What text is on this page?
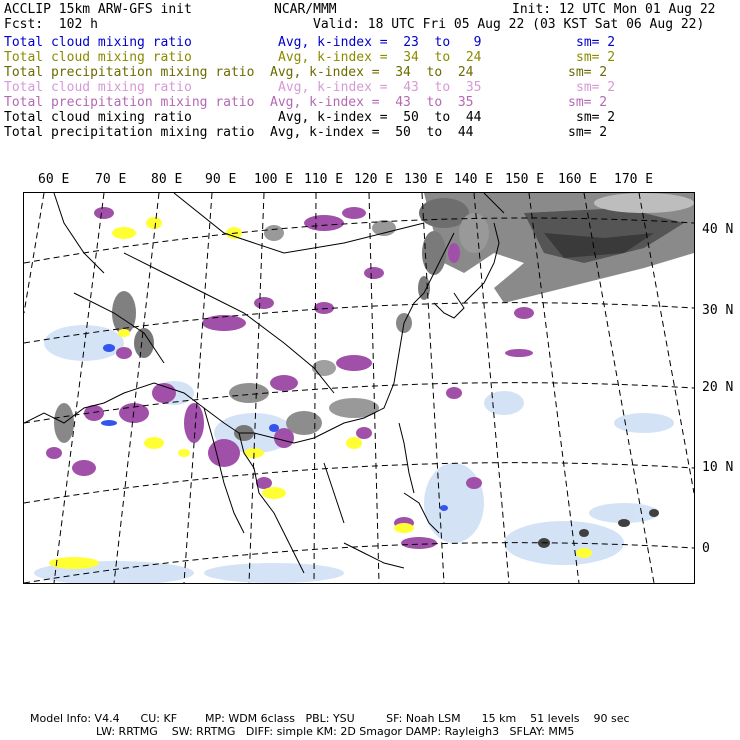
ACCLIP 15km ARW-GFS init
Fcst:  102 h
NCAR/MMM	Init: 12 UTC Mon 01 Aug 22
Valid: 18 UTC Fri 05 Aug 22 (03 KST Sat 06 Aug 22)
Total cloud mixing ratio	Avg, k-index =  23  to   9	sm= 2
Total cloud mixing ratio	Avg, k-index =  34  to  24	sm= 2
Total precipitation mixing ratio Avg, k-index =  34  to  24	sm= 2
Total cloud mixing ratio	Avg, k-index =  43  to  35	sm= 2
Total precipitation mixing ratio Avg, k-index =  43  to  35	sm= 2
Total cloud mixing ratio	Avg, k-index =  50  to  44	sm= 2
Total precipitation mixing ratio Avg, k-index =  50  to  44	sm= 2
60 E 70 E 80 E 90 E 100 E 110 E 120 E 130 E 140 E 150 E 160 E 170 E
40 N
30 N
20 N
10 N
0
Model Info: V4.4      CU: KF        MP: WDM 6class   PBL: YSU         SF: Noah LSM      15 km    51 levels    90 sec
LW: RRTMG    SW: RRTMG   DIFF: simple KM: 2D Smagor DAMP: Rayleigh3   SFLAY: MM5
